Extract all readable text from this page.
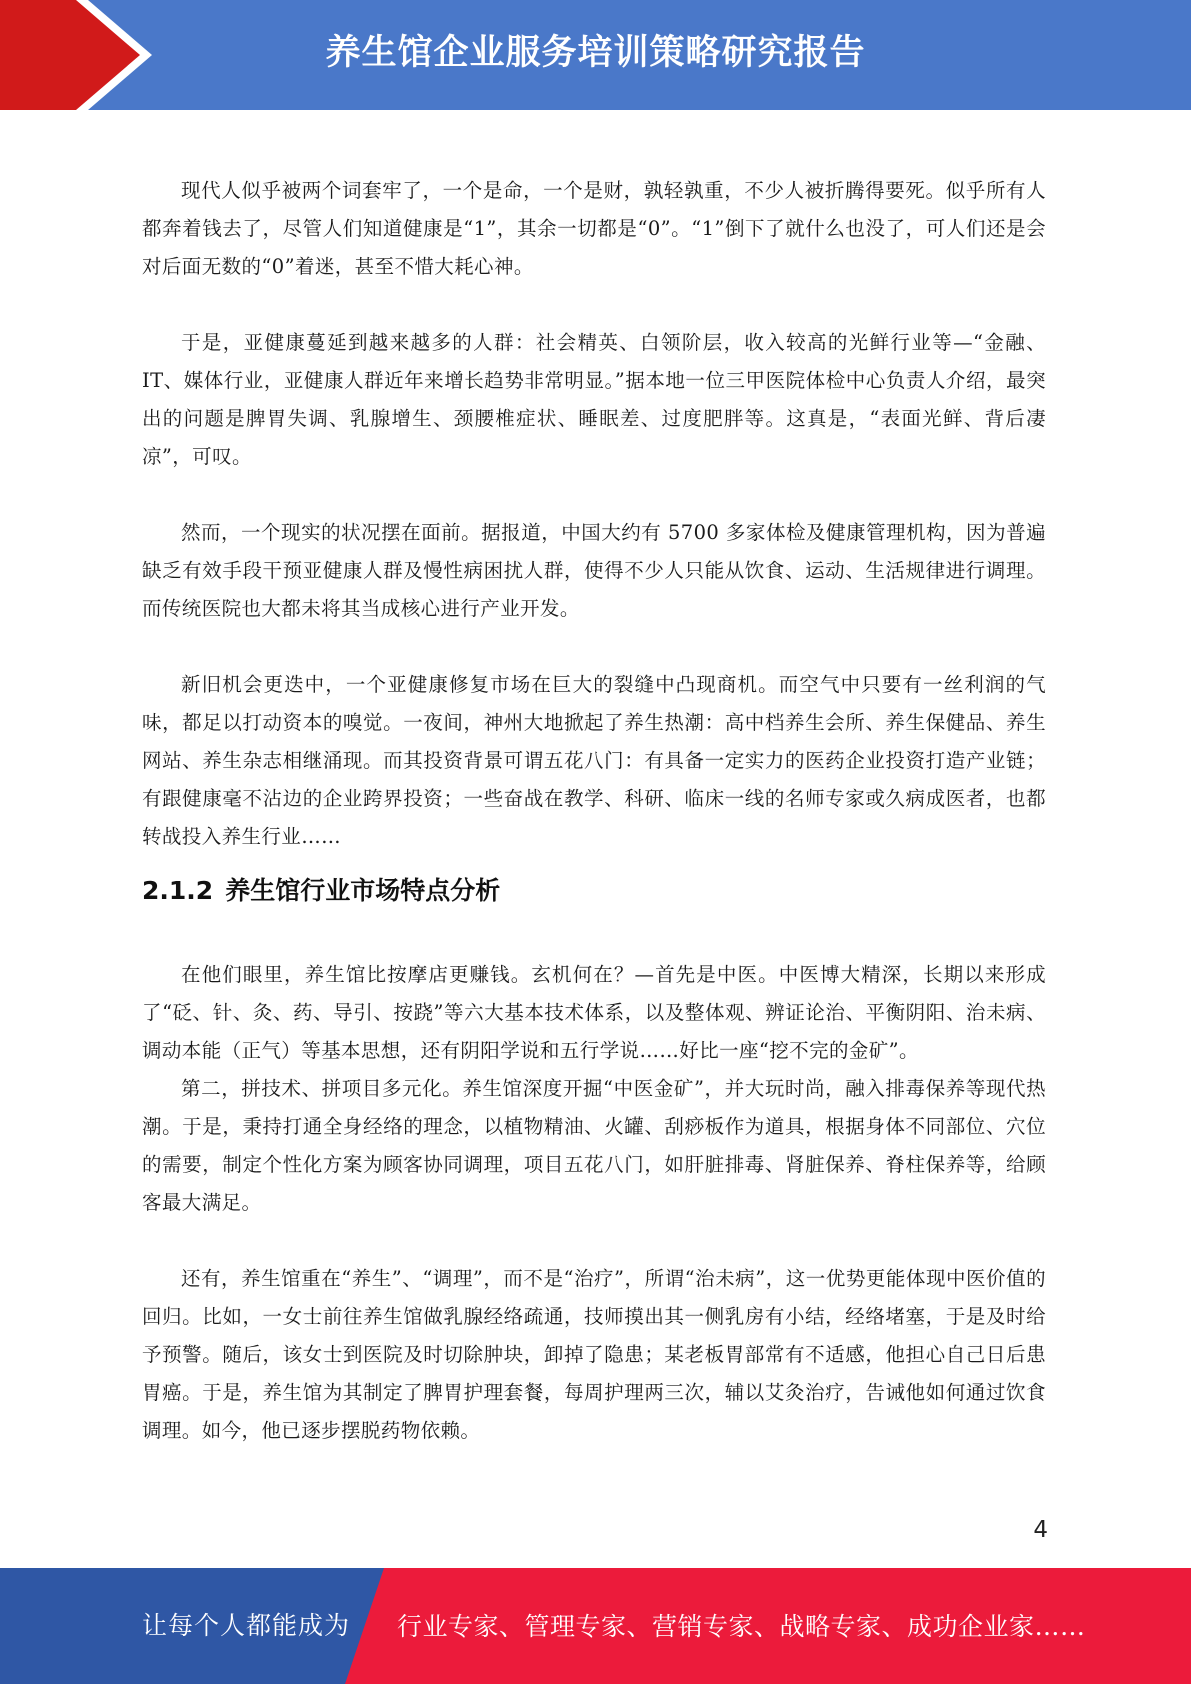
养生馆企业服务培训策略研究报告

现代人似乎被两个词套牢了，一个是命，一个是财，孰轻孰重，不少人被折腾得要死。似乎所有人都奔着钱去了，尽管人们知道健康是“1”，其余一切都是“0”。“1”倒下了就什么也没了，可人们还是会对后面无数的“0”着迷，甚至不惜大耗心神。

于是，亚健康蔓延到越来越多的人群：社会精英、白领阶层，收入较高的光鲜行业等—“金融、IT、媒体行业，亚健康人群近年来增长趋势非常明显。”据本地一位三甲医院体检中心负责人介绍，最突出的问题是脾胃失调、乳腺增生、颈腰椎症状、睡眠差、过度肥胖等。这真是，“表面光鲜、背后凄凉”，可叹。

然而，一个现实的状况摆在面前。据报道，中国大约有 5700 多家体检及健康管理机构，因为普遍缺乏有效手段干预亚健康人群及慢性病困扰人群，使得不少人只能从饮食、运动、生活规律进行调理。而传统医院也大都未将其当成核心进行产业开发。

新旧机会更迭中，一个亚健康修复市场在巨大的裂缝中凸现商机。而空气中只要有一丝利润的气味，都足以打动资本的嗅觉。一夜间，神州大地掀起了养生热潮：高中档养生会所、养生保健品、养生网站、养生杂志相继涌现。而其投资背景可谓五花八门：有具备一定实力的医药企业投资打造产业链；有跟健康毫不沾边的企业跨界投资；一些奋战在教学、科研、临床一线的名师专家或久病成医者，也都转战投入养生行业……

2.1.2 养生馆行业市场特点分析

在他们眼里，养生馆比按摩店更赚钱。玄机何在？—首先是中医。中医博大精深，长期以来形成了“砭、针、灸、药、导引、按跷”等六大基本技术体系，以及整体观、辨证论治、平衡阴阳、治未病、调动本能（正气）等基本思想，还有阴阳学说和五行学说……好比一座“挖不完的金矿”。

第二，拼技术、拼项目多元化。养生馆深度开掘“中医金矿”，并大玩时尚，融入排毒保养等现代热潮。于是，秉持打通全身经络的理念，以植物精油、火罐、刮痧板作为道具，根据身体不同部位、穴位的需要，制定个性化方案为顾客协同调理，项目五花八门，如肝脏排毒、肾脏保养、脊柱保养等，给顾客最大满足。

还有，养生馆重在“养生”、“调理”，而不是“治疗”，所谓“治未病”，这一优势更能体现中医价值的回归。比如，一女士前往养生馆做乳腺经络疏通，技师摸出其一侧乳房有小结，经络堵塞，于是及时给予预警。随后，该女士到医院及时切除肿块，卸掉了隐患；某老板胃部常有不适感，他担心自己日后患胃癌。于是，养生馆为其制定了脾胃护理套餐，每周护理两三次，辅以艾灸治疗，告诫他如何通过饮食调理。如今，他已逐步摆脱药物依赖。

4
让每个人都能成为 行业专家、管理专家、营销专家、战略专家、成功企业家……
